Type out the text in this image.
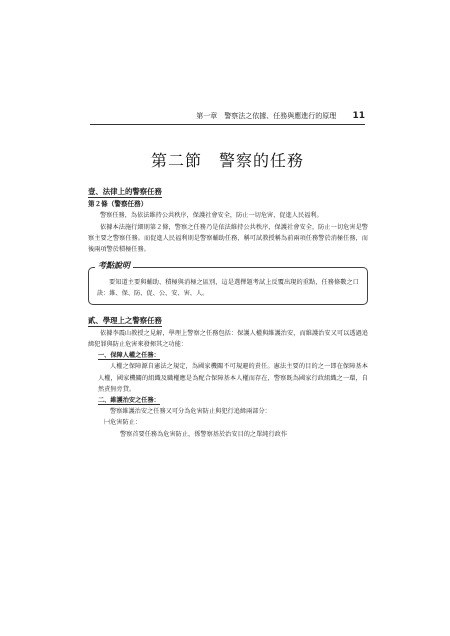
第一章　警察法之依據、任務與應進行的原理 11
第二節　警察的任務
壹、法律上的警察任務
第２條（警察任務）

警察任務，為依法維持公共秩序，保護社會安全，防止一切危害，促進人民福利。

依據本法施行細則第２條，警察之任務乃是依法維持公共秩序，保護社會安全，防止一切危害是警察主要之警察任務。而促進人民福利則是警察輔助任務，稱可試教授稱為前兩項任務警於消極任務，而後兩項警於積極任務。

考點說明

要知道主要與輔助、積極與消極之區別，這是選擇題考試上反覆出現的重點，任務條數之口訣：維、保、防、促、公、安、害、人。

貳、學理上之警察任務

依據李震山教授之見解，學理上警察之任務包括：保護人權與維護治安，而維護治安又可以透過追緝犯罪與防止危害來發揮其之功能：

一、保障人權之任務：

人權之保障源自憲法之規定，為國家機關不可規避的責任。憲法主要的目的之一即在保障基本人權，國家機關的組織及職權應是為配合保障基本人權而存在，警察既為國家行政組織之一環，自然責無旁貸。

二、維護治安之任務：

警察維護治安之任務又可分為危害防止與犯行追緝兩部分：

㈠危害防止：

警察首要任務為危害防止，係警察基於治安目的之單純行政作
